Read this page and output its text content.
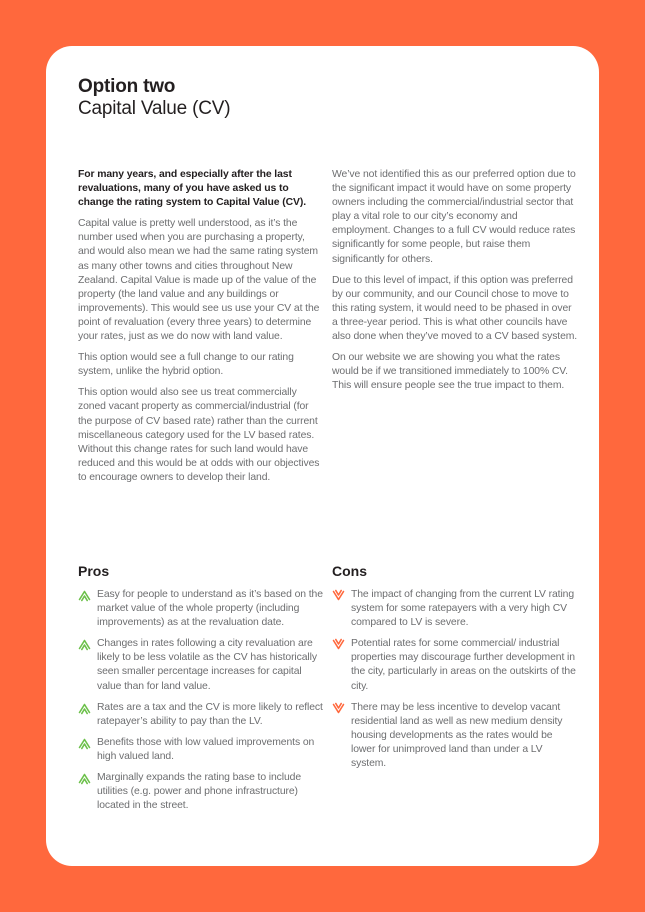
Option two
Capital Value (CV)

For many years, and especially after the last revaluations, many of you have asked us to change the rating system to Capital Value (CV).

Capital value is pretty well understood, as it’s the number used when you are purchasing a property, and would also mean we had the same rating system as many other towns and cities throughout New Zealand. Capital Value is made up of the value of the property (the land value and any buildings or improvements). This would see us use your CV at the point of revaluation (every three years) to determine your rates, just as we do now with land value.

This option would see a full change to our rating system, unlike the hybrid option.

This option would also see us treat commercially zoned vacant property as commercial/industrial (for the purpose of CV based rate) rather than the current miscellaneous category used for the LV based rates. Without this change rates for such land would have reduced and this would be at odds with our objectives to encourage owners to develop their land.

We’ve not identified this as our preferred option due to the significant impact it would have on some property owners including the commercial/industrial sector that play a vital role to our city’s economy and employment. Changes to a full CV would reduce rates significantly for some people, but raise them significantly for others.

Due to this level of impact, if this option was preferred by our community, and our Council chose to move to this rating system, it would need to be phased in over a three-year period. This is what other councils have also done when they’ve moved to a CV based system.

On our website we are showing you what the rates would be if we transitioned immediately to 100% CV. This will ensure people see the true impact to them.

Pros
Easy for people to understand as it’s based on the market value of the whole property (including improvements) as at the revaluation date.
Changes in rates following a city revaluation are likely to be less volatile as the CV has historically seen smaller percentage increases for capital value than for land value.
Rates are a tax and the CV is more likely to reflect ratepayer’s ability to pay than the LV.
Benefits those with low valued improvements on high valued land.
Marginally expands the rating base to include utilities (e.g. power and phone infrastructure) located in the street.
Cons
The impact of changing from the current LV rating system for some ratepayers with a very high CV compared to LV is severe.
Potential rates for some commercial/ industrial properties may discourage further development in the city, particularly in areas on the outskirts of the city.
There may be less incentive to develop vacant residential land as well as new medium density housing developments as the rates would be lower for unimproved land than under a LV system.
